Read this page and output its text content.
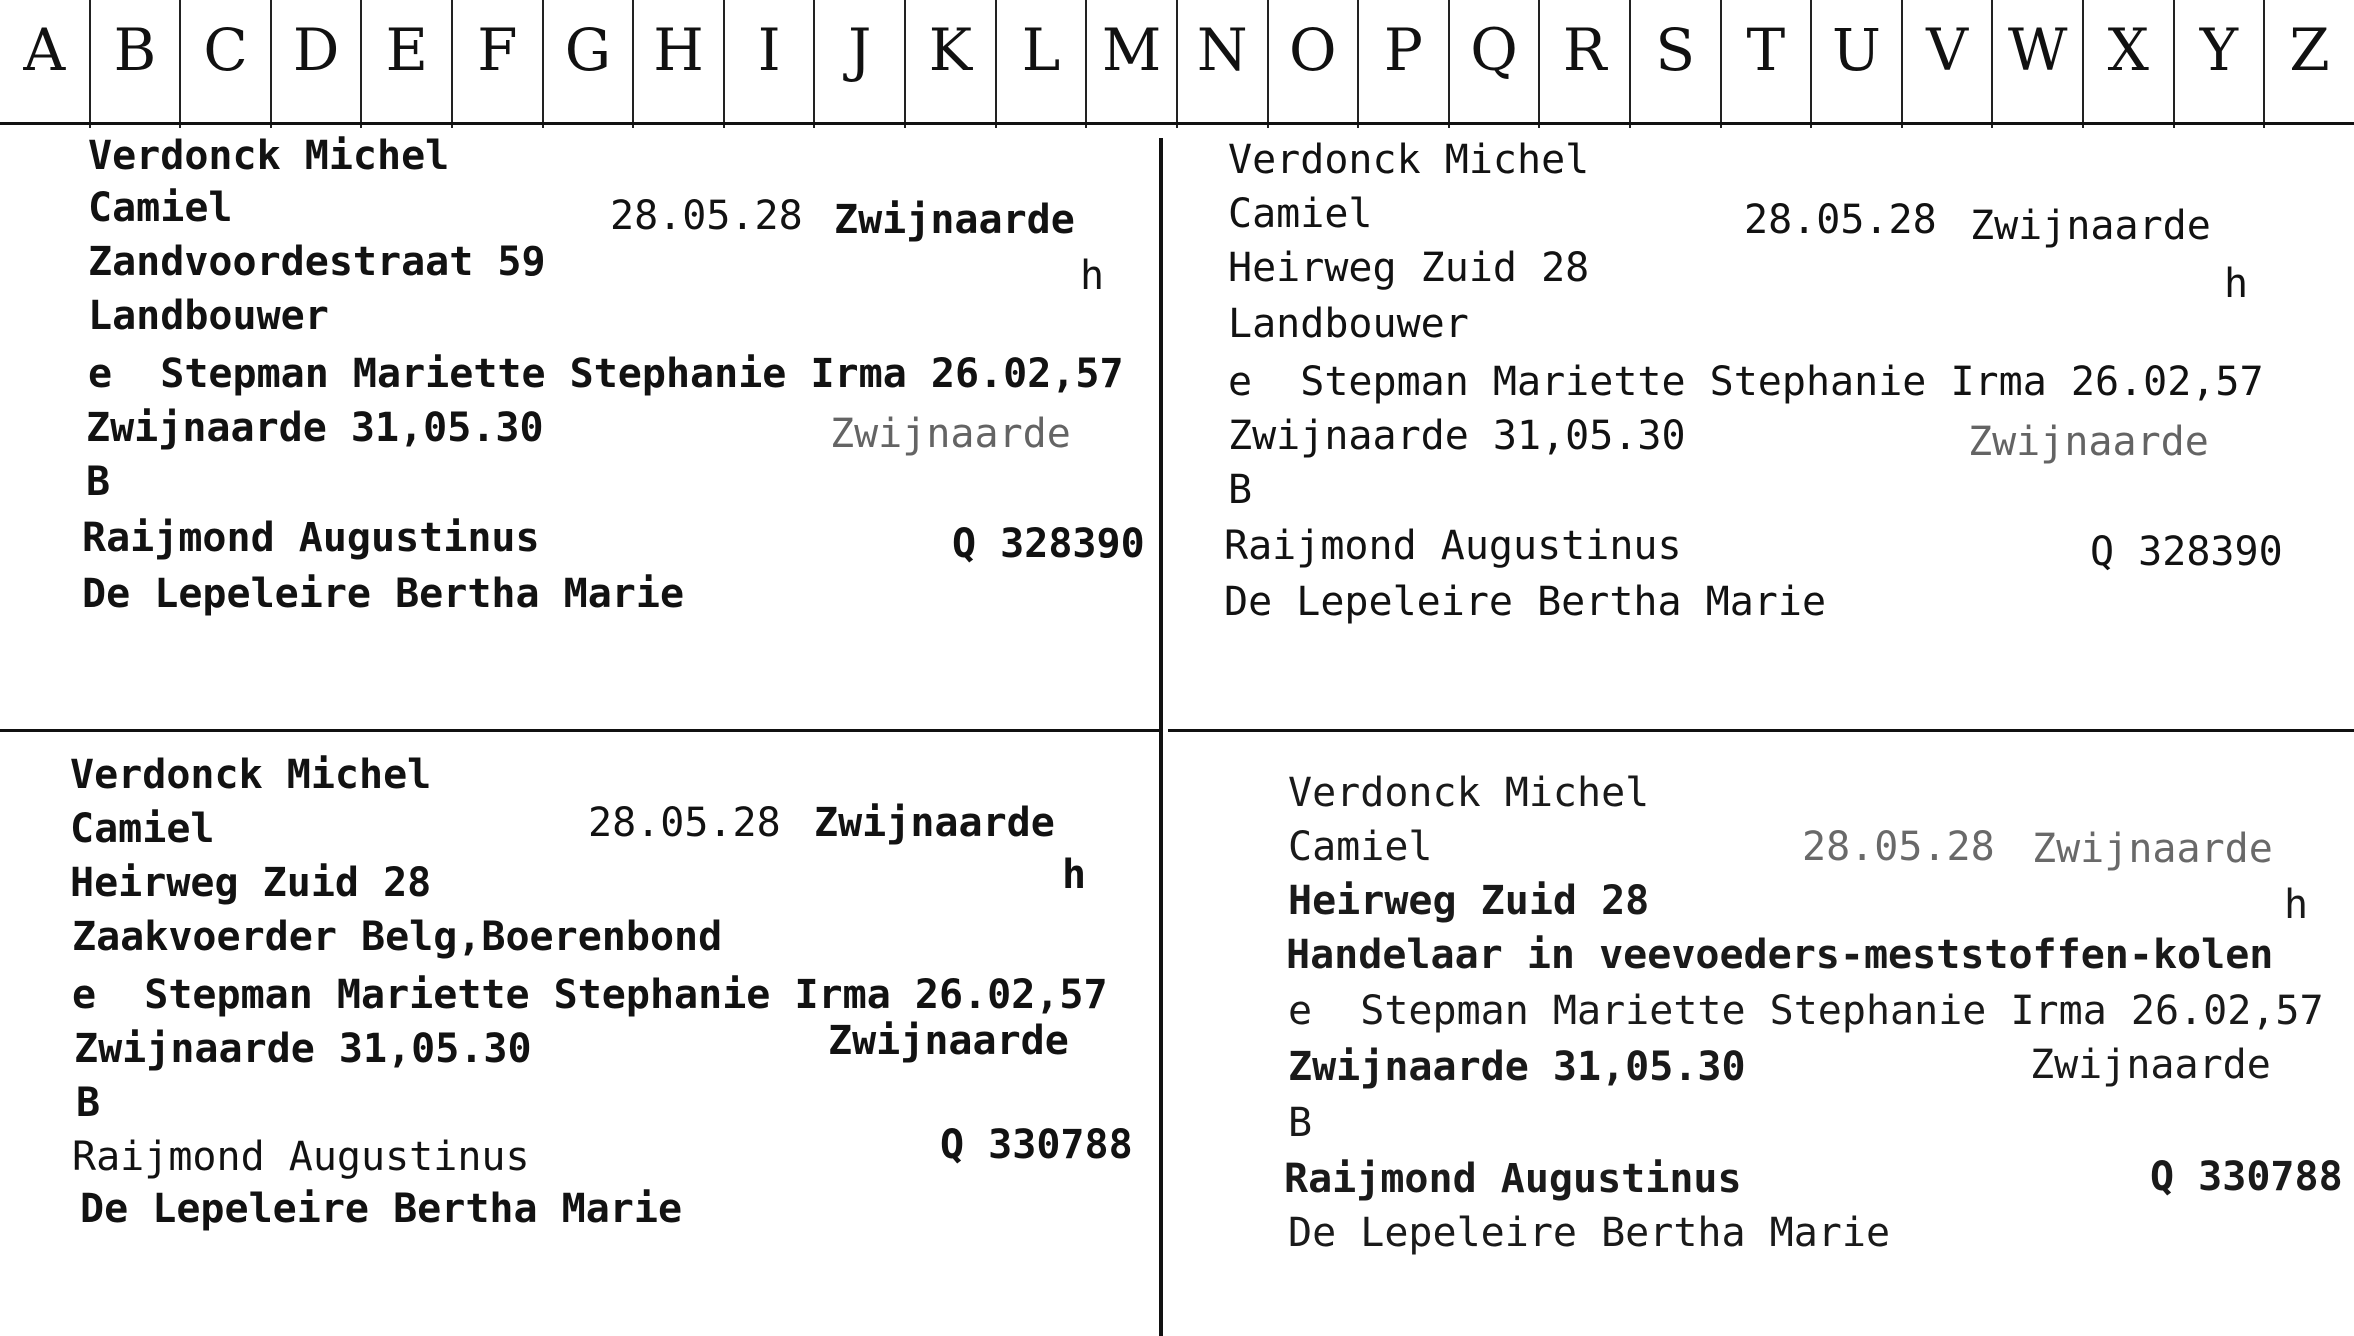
A B C D E F G H I J K L M N O P Q R S T U V W X Y Z
Verdonck Michel
Camiel	28.05.28 Zwijnaarde
Zandvoordestraat 59	h
Landbouwer
e  Stepman Mariette Stephanie Irma 26.02,57
Zwijnaarde 31,05.30	Zwijnaarde
B
Raijmond Augustinus	Q 328390
De Lepeleire Bertha Marie
Verdonck Michel
Camiel	28.05.28 Zwijnaarde
Heirweg Zuid 28	h
Landbouwer
e  Stepman Mariette Stephanie Irma 26.02,57
Zwijnaarde 31,05.30	Zwijnaarde
B
Raijmond Augustinus	Q 328390
De Lepeleire Bertha Marie
Verdonck Michel
Camiel	28.05.28 Zwijnaarde
Heirweg Zuid 28	h
Zaakvoerder Belg,Boerenbond
e  Stepman Mariette Stephanie Irma 26.02,57
Zwijnaarde 31,05.30	Zwijnaarde
B
Raijmond Augustinus	Q 330788
De Lepeleire Bertha Marie
Verdonck Michel
Camiel	28.05.28 Zwijnaarde
Heirweg Zuid 28	h
Handelaar in veevoeders-meststoffen-kolen
e  Stepman Mariette Stephanie Irma 26.02,57
Zwijnaarde 31,05.30	Zwijnaarde
B
Raijmond Augustinus	Q 330788
De Lepeleire Bertha Marie
